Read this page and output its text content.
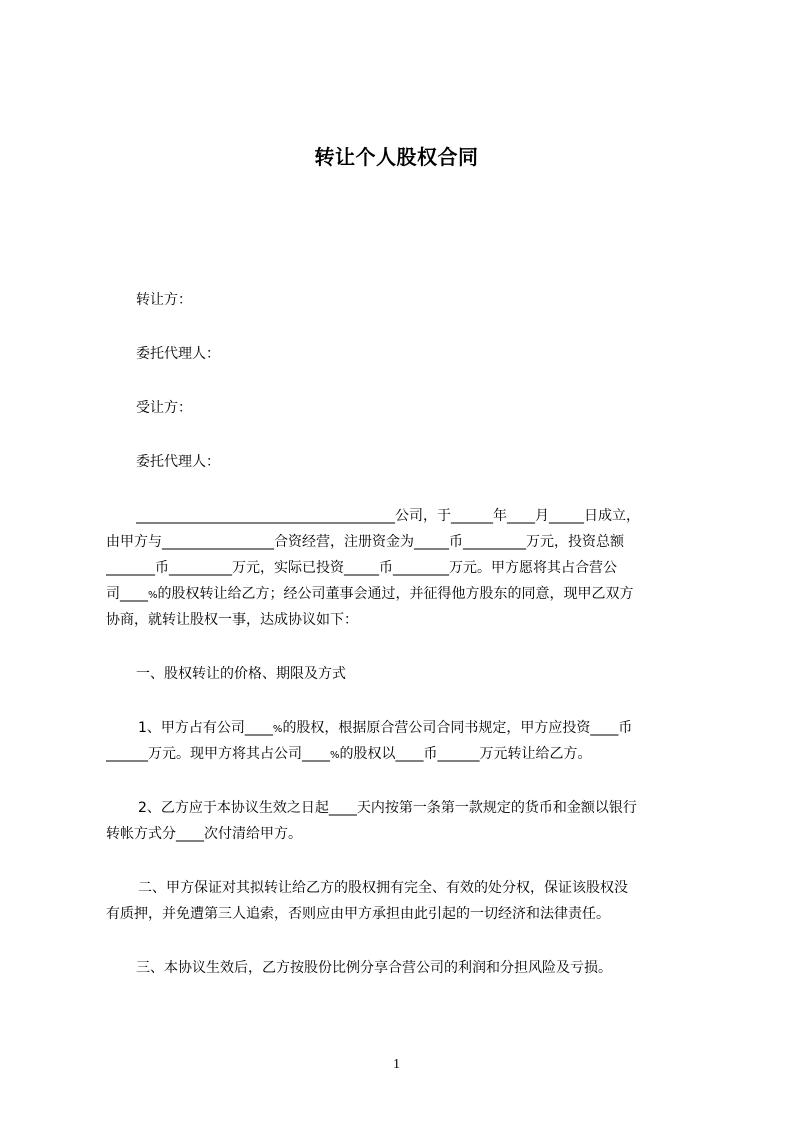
转让个人股权合同
转让方：
委托代理人：
受让方：
委托代理人：
_____________________________________公司，于______年____月_____日成立，
由甲方与________________合资经营，注册资金为_____币_________万元，投资总额
_______币_________万元，实际已投资_____币________万元。甲方愿将其占合营公
司____%的股权转让给乙方；经公司董事会通过，并征得他方股东的同意，现甲乙双方
协商，就转让股权一事，达成协议如下：
一、股权转让的价格、期限及方式
1、甲方占有公司____%的股权，根据原合营公司合同书规定，甲方应投资____币
______万元。现甲方将其占公司____%的股权以____币______万元转让给乙方。
2、乙方应于本协议生效之日起____天内按第一条第一款规定的货币和金额以银行
转帐方式分____次付清给甲方。
二、甲方保证对其拟转让给乙方的股权拥有完全、有效的处分权，保证该股权没
有质押，并免遭第三人追索，否则应由甲方承担由此引起的一切经济和法律责任。
三、本协议生效后，乙方按股份比例分享合营公司的利润和分担风险及亏损。
1
